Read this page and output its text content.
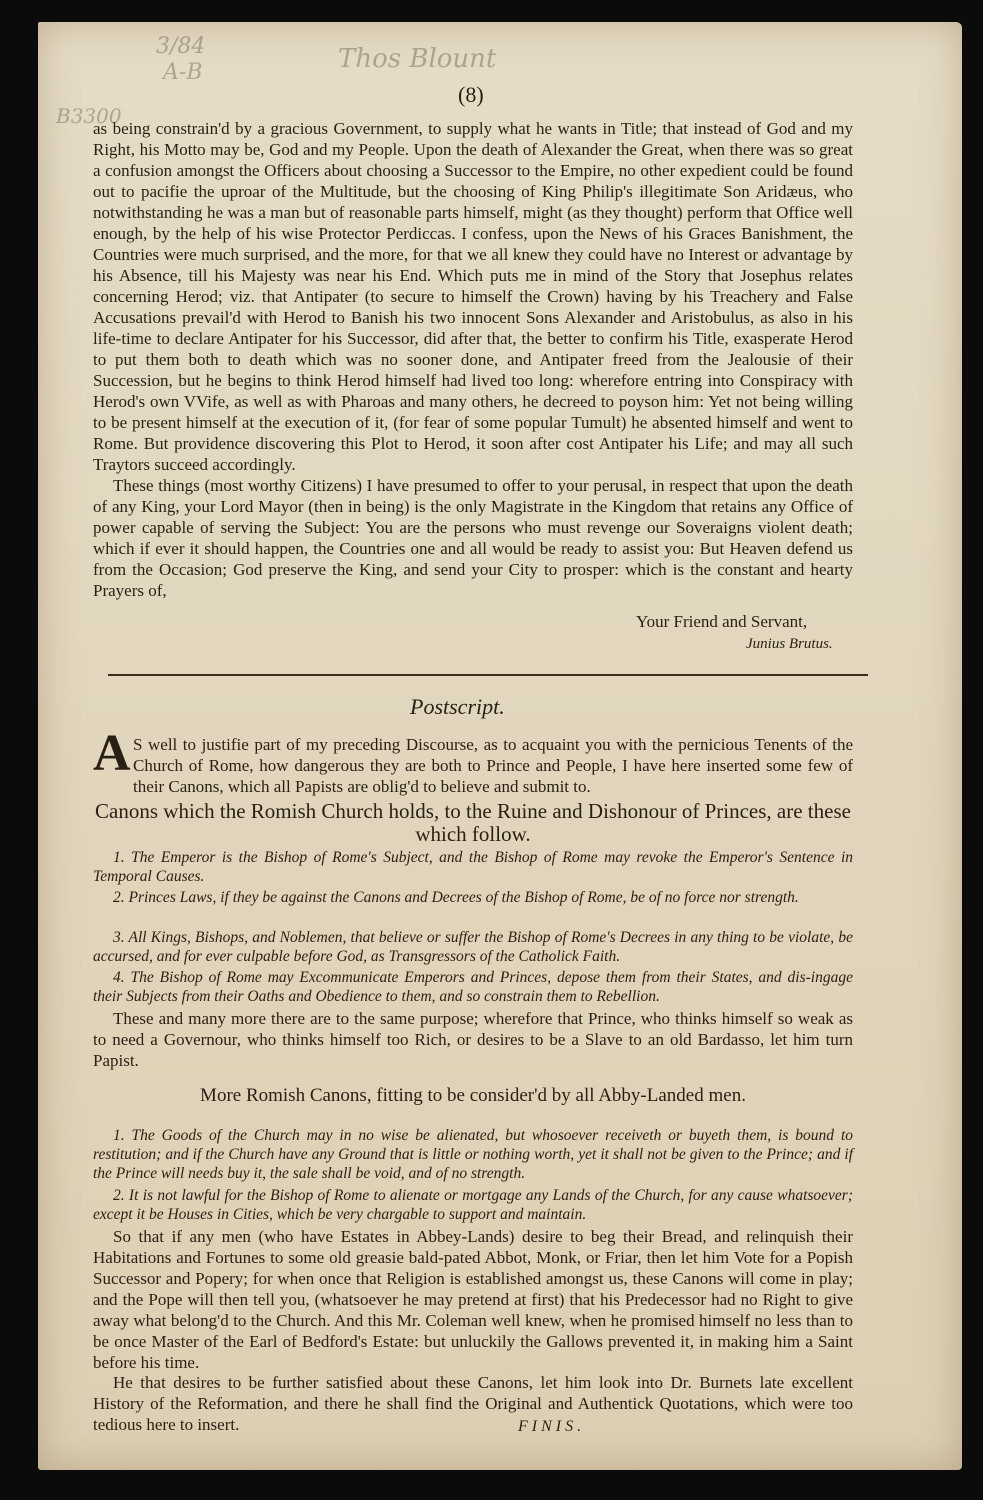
3/84
A-B	Thos Blount
B3300
(8)

as being constrain'd by a gracious Government, to supply what he wants in Title; that instead of God and my Right, his Motto may be, God and my People. Upon the death of Alexander the Great, when there was so great a confusion amongst the Officers about choosing a Successor to the Empire, no other expedient could be found out to pacifie the uproar of the Multitude, but the choosing of King Philip's illegitimate Son Aridæus, who notwithstanding he was a man but of reasonable parts himself, might (as they thought) perform that Office well enough, by the help of his wise Protector Perdiccas. I confess, upon the News of his Graces Banishment, the Countries were much surprised, and the more, for that we all knew they could have no Interest or advantage by his Absence, till his Majesty was near his End. Which puts me in mind of the Story that Josephus relates concerning Herod; viz. that Antipater (to secure to himself the Crown) having by his Treachery and False Accusations prevail'd with Herod to Banish his two innocent Sons Alexander and Aristobulus, as also in his life-time to declare Antipater for his Successor, did after that, the better to confirm his Title, exasperate Herod to put them both to death which was no sooner done, and Antipater freed from the Jealousie of their Succession, but he begins to think Herod himself had lived too long: wherefore entring into Conspiracy with Herod's own VVife, as well as with Pharoas and many others, he decreed to poyson him: Yet not being willing to be present himself at the execution of it, (for fear of some popular Tumult) he absented himself and went to Rome. But providence discovering this Plot to Herod, it soon after cost Antipater his Life; and may all such Traytors succeed accordingly.

These things (most worthy Citizens) I have presumed to offer to your perusal, in respect that upon the death of any King, your Lord Mayor (then in being) is the only Magistrate in the Kingdom that retains any Office of power capable of serving the Subject: You are the persons who must revenge our Soveraigns violent death; which if ever it should happen, the Countries one and all would be ready to assist you: But Heaven defend us from the Occasion; God preserve the King, and send your City to prosper: which is the constant and hearty Prayers of,

Your Friend and Servant,
Junius Brutus.
Postscript.
A S well to justifie part of my preceding Discourse, as to acquaint you with the pernicious Tenents of the Church of Rome, how dangerous they are both to Prince and People, I have here inserted some few of their Canons, which all Papists are oblig'd to believe and submit to.
Canons which the Romish Church holds, to the Ruine and Dishonour of Princes, are these which follow.
1. The Emperor is the Bishop of Rome's Subject, and the Bishop of Rome may revoke the Emperor's Sentence in Temporal Causes.
2. Princes Laws, if they be against the Canons and Decrees of the Bishop of Rome, be of no force nor strength.
3. All Kings, Bishops, and Noblemen, that believe or suffer the Bishop of Rome's Decrees in any thing to be violate, be accursed, and for ever culpable before God, as Transgressors of the Catholick Faith.
4. The Bishop of Rome may Excommunicate Emperors and Princes, depose them from their States, and dis-ingage their Subjects from their Oaths and Obedience to them, and so constrain them to Rebellion.
These and many more there are to the same purpose; wherefore that Prince, who thinks himself so weak as to need a Governour, who thinks himself too Rich, or desires to be a Slave to an old Bardasso, let him turn Papist.
More Romish Canons, fitting to be consider'd by all Abby-Landed men.
1. The Goods of the Church may in no wise be alienated, but whosoever receiveth or buyeth them, is bound to restitution; and if the Church have any Ground that is little or nothing worth, yet it shall not be given to the Prince; and if the Prince will needs buy it, the sale shall be void, and of no strength.
2. It is not lawful for the Bishop of Rome to alienate or mortgage any Lands of the Church, for any cause whatsoever; except it be Houses in Cities, which be very chargable to support and maintain.
So that if any men (who have Estates in Abbey-Lands) desire to beg their Bread, and relinquish their Habitations and Fortunes to some old greasie bald-pated Abbot, Monk, or Friar, then let him Vote for a Popish Successor and Popery; for when once that Religion is established amongst us, these Canons will come in play; and the Pope will then tell you, (whatsoever he may pretend at first) that his Predecessor had no Right to give away what belong'd to the Church. And this Mr. Coleman well knew, when he promised himself no less than to be once Master of the Earl of Bedford's Estate: but unluckily the Gallows prevented it, in making him a Saint before his time.
He that desires to be further satisfied about these Canons, let him look into Dr. Burnets late excellent History of the Reformation, and there he shall find the Original and Authentick Quotations, which were too tedious here to insert.	FINIS.
